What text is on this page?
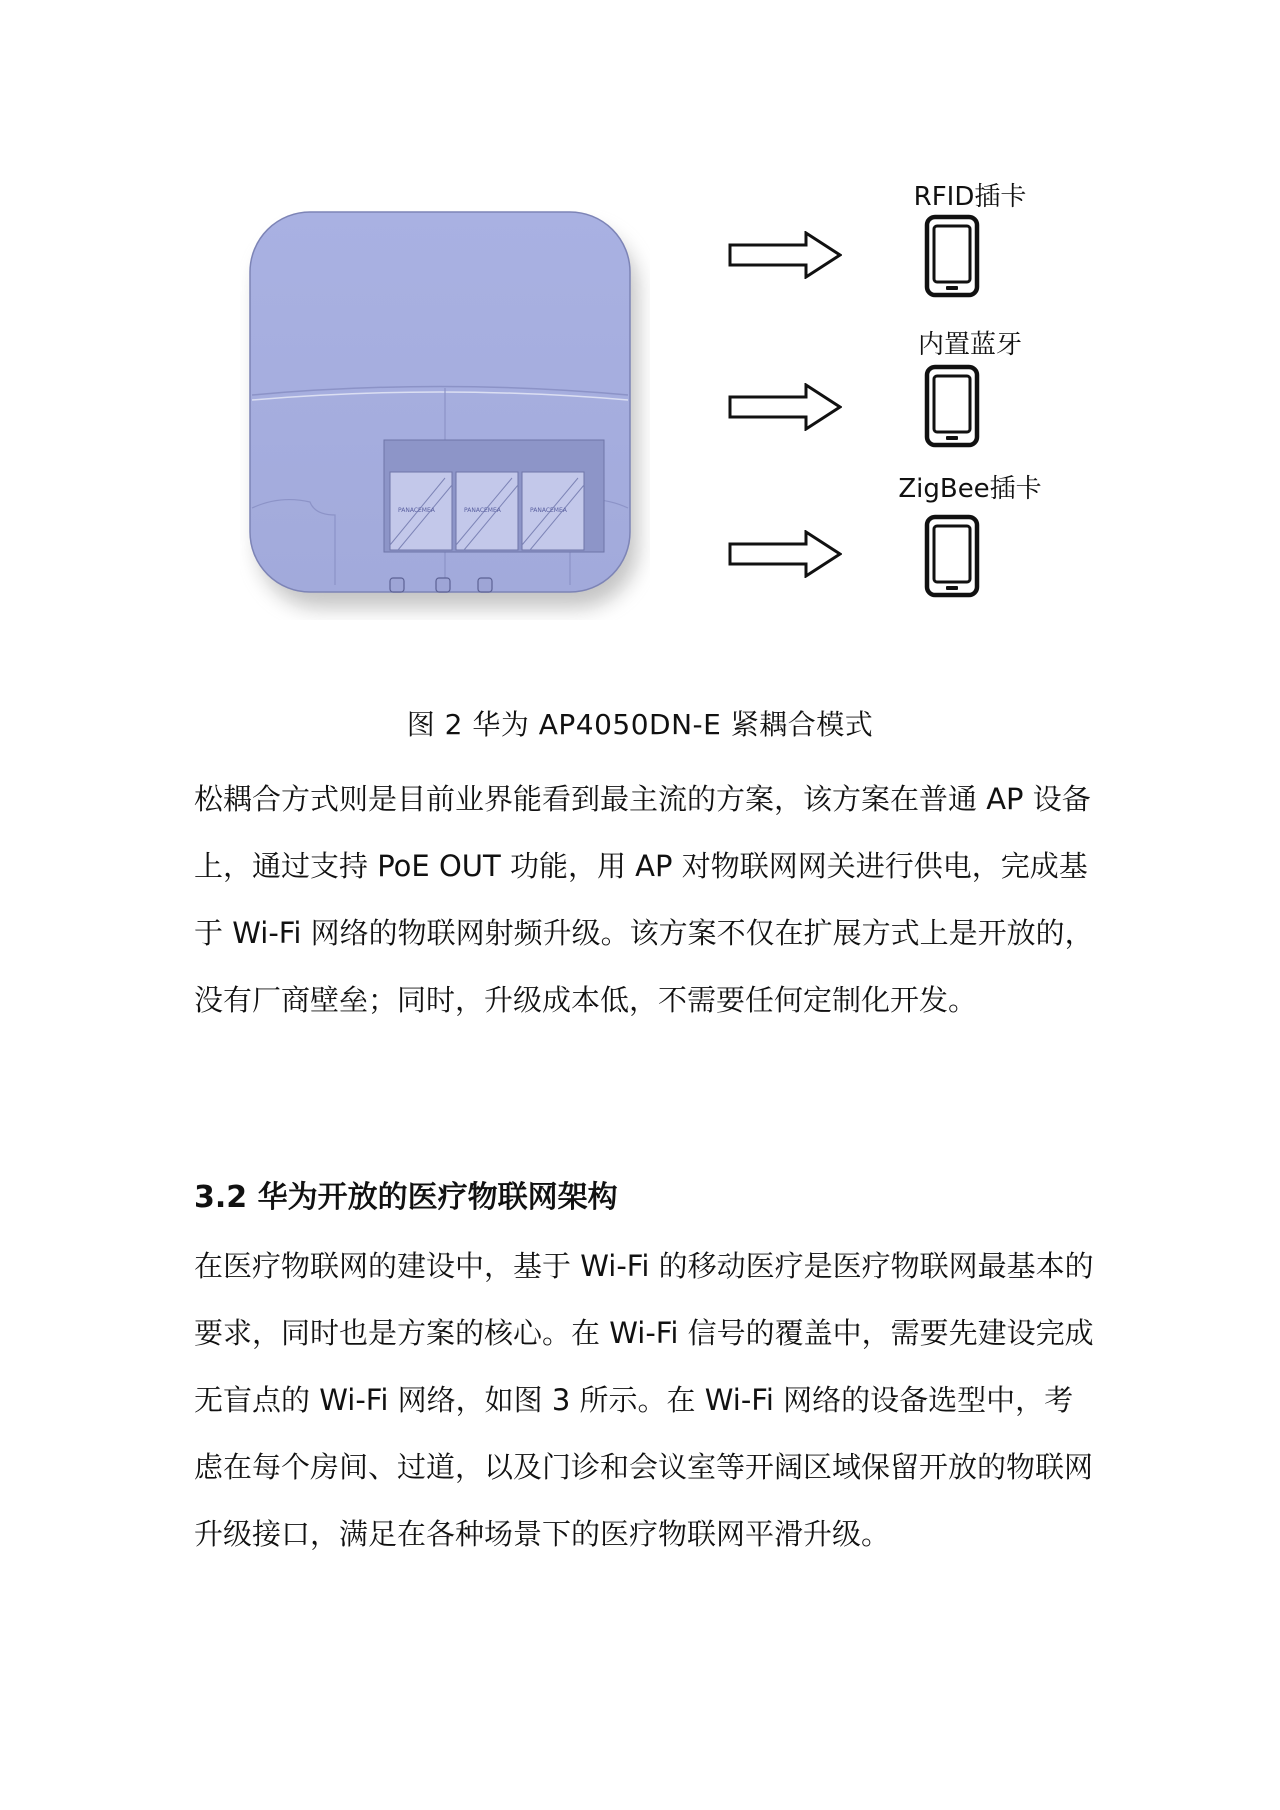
PANACEMEA	PANACEMEA	PANACEMEA
RFID插卡
内置蓝牙
ZigBee插卡
图 2 华为 AP4050DN-E 紧耦合模式

松耦合方式则是目前业界能看到最主流的方案，该方案在普通 AP 设备上，通过支持 PoE OUT 功能，用 AP 对物联网网关进行供电，完成基于 Wi-Fi 网络的物联网射频升级。该方案不仅在扩展方式上是开放的，没有厂商壁垒；同时，升级成本低，不需要任何定制化开发。

3.2 华为开放的医疗物联网架构

在医疗物联网的建设中，基于 Wi-Fi 的移动医疗是医疗物联网最基本的要求，同时也是方案的核心。在 Wi-Fi 信号的覆盖中，需要先建设完成无盲点的 Wi-Fi 网络，如图 3 所示。在 Wi-Fi 网络的设备选型中，考虑在每个房间、过道，以及门诊和会议室等开阔区域保留开放的物联网升级接口，满足在各种场景下的医疗物联网平滑升级。
